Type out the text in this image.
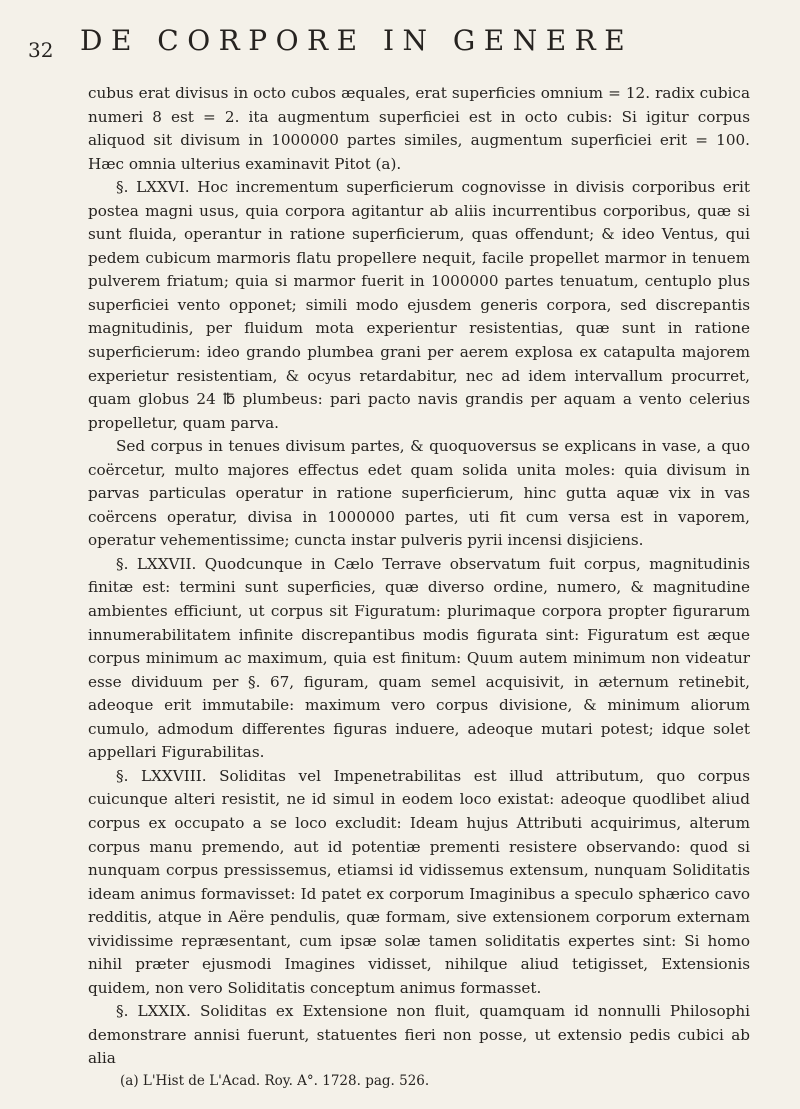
32 DE CORPORE IN GENERE

cubus erat divisus in octo cubos æquales, erat superficies omnium = 12. radix cubica numeri 8 est = 2. ita augmentum superficiei est in octo cubis: Si igitur corpus aliquod sit divisum in 1000000 partes similes, augmentum superficiei erit = 100. Hæc omnia ulterius examinavit Pitot (a).

§. LXXVI. Hoc incrementum superficierum cognovisse in divisis corporibus erit postea magni usus, quia corpora agitantur ab aliis incurrentibus corporibus, quæ si sunt fluida, operantur in ratione superficierum, quas offendunt; & ideo Ventus, qui pedem cubicum marmoris flatu propellere nequit, facile propellet marmor in tenuem pulverem friatum; quia si marmor fuerit in 1000000 partes tenuatum, centuplo plus superficiei vento opponet; simili modo ejusdem generis corpora, sed discrepantis magnitudinis, per fluidum mota experientur resistentias, quæ sunt in ratione superficierum: ideo grando plumbea grani per aerem explosa ex catapulta majorem experietur resistentiam, & ocyus retardabitur, nec ad idem intervallum procurret, quam globus 24 ℔ plumbeus: pari pacto navis grandis per aquam a vento celerius propelletur, quam parva.

Sed corpus in tenues divisum partes, & quoquoversus se explicans in vase, a quo coërcetur, multo majores effectus edet quam solida unita moles: quia divisum in parvas particulas operatur in ratione superficierum, hinc gutta aquæ vix in vas coërcens operatur, divisa in 1000000 partes, uti fit cum versa est in vaporem, operatur vehementissime; cuncta instar pulveris pyrii incensi disjiciens.

§. LXXVII. Quodcunque in Cælo Terrave observatum fuit corpus, magnitudinis finitæ est: termini sunt superficies, quæ diverso ordine, numero, & magnitudine ambientes efficiunt, ut corpus sit Figuratum: plurimaque corpora propter figurarum innumerabilitatem infinite discrepantibus modis figurata sint: Figuratum est æque corpus minimum ac maximum, quia est finitum: Quum autem minimum non videatur esse dividuum per §. 67, figuram, quam semel acquisivit, in æternum retinebit, adeoque erit immutabile: maximum vero corpus divisione, & minimum aliorum cumulo, admodum differentes figuras induere, adeoque mutari potest; idque solet appellari Figurabilitas.

§. LXXVIII. Soliditas vel Impenetrabilitas est illud attributum, quo corpus cuicunque alteri resistit, ne id simul in eodem loco existat: adeoque quodlibet aliud corpus ex occupato a se loco excludit: Ideam hujus Attributi acquirimus, alterum corpus manu premendo, aut id potentiæ prementi resistere observando: quod si nunquam corpus pressissemus, etiamsi id vidissemus extensum, nunquam Soliditatis ideam animus formavisset: Id patet ex corporum Imaginibus a speculo sphærico cavo redditis, atque in Aëre pendulis, quæ formam, sive extensionem corporum externam vividissime repræsentant, cum ipsæ solæ tamen soliditatis expertes sint: Si homo nihil præter ejusmodi Imagines vidisset, nihilque aliud tetigisset, Extensionis quidem, non vero Soliditatis conceptum animus formasset.

§. LXXIX. Soliditas ex Extensione non fluit, quamquam id nonnulli Philosophi demonstrare annisi fuerunt, statuentes fieri non posse, ut extensio pedis cubici ab alia

(a) L'Hist de L'Acad. Roy. A°. 1728. pag. 526.
